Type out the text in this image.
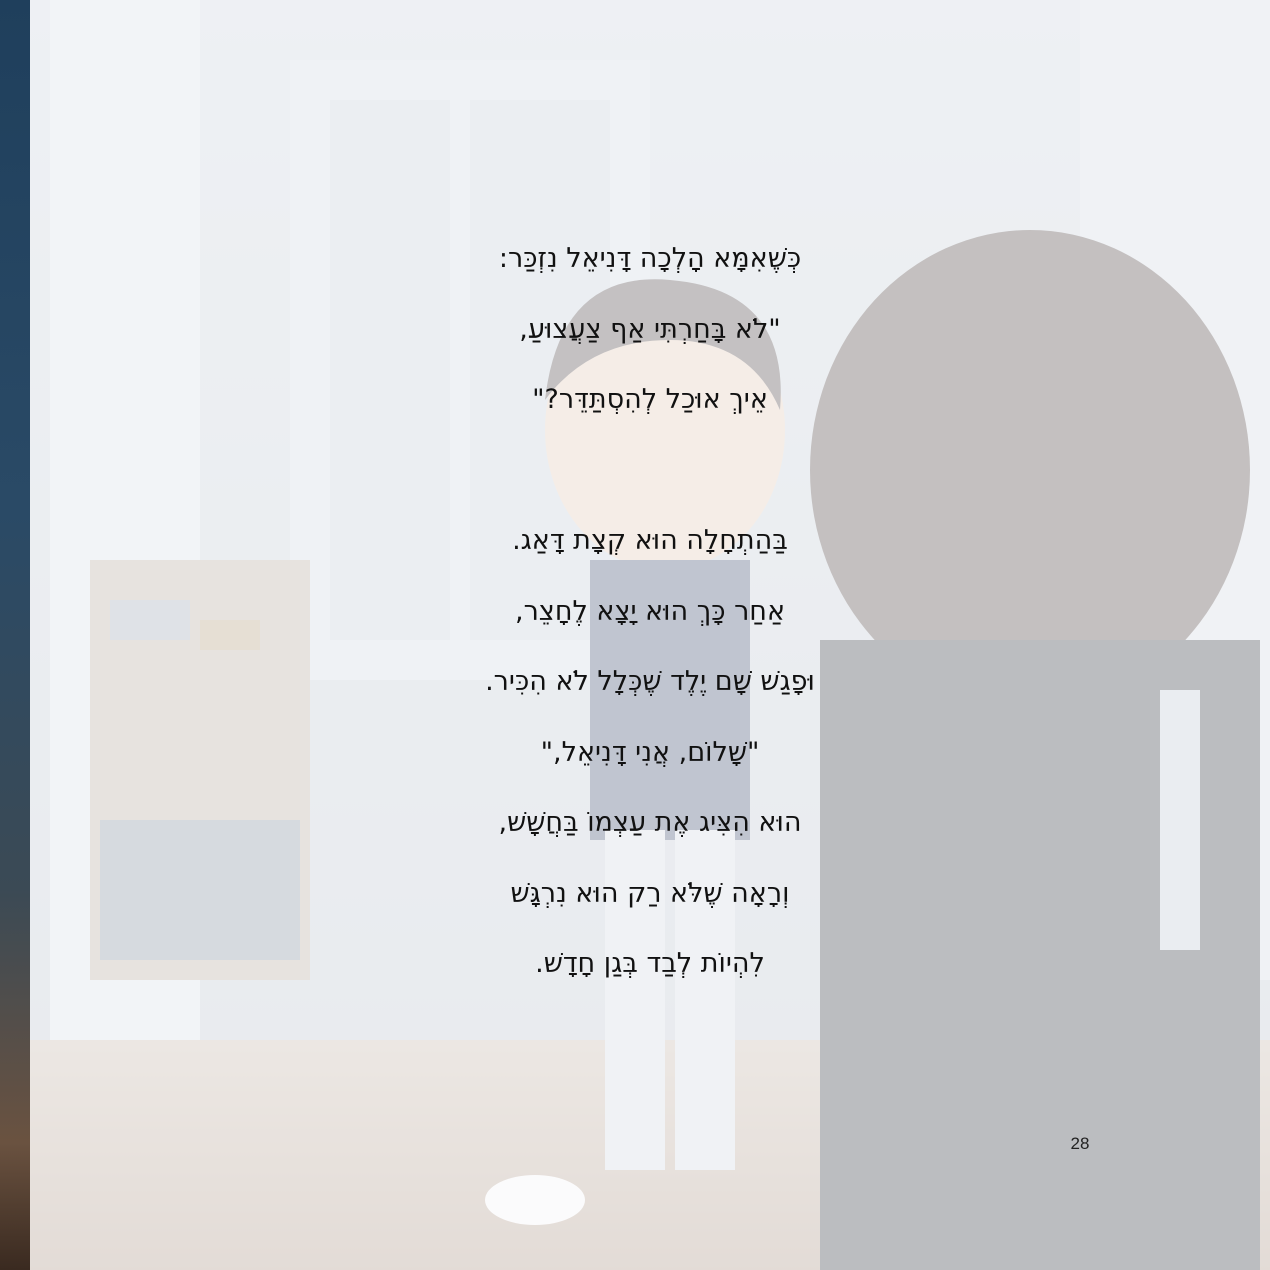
כְּשֶׁאִמָּא הָלְכָה דָּנִיאֵל נִזְכַּר:
"לֹא בָּחַרְתִּי אַף צַעֲצוּעַ,
אֵיךְ אוּכַל לְהִסְתַּדֵּר?"
בַּהַתְחָלָה הוּא קְצָת דָּאַג.
אַחַר כָּךְ הוּא יָצָא לֶחָצֵר,
וּפָגַשׁ שָׁם יֶלֶד שֶׁכְּלָל לֹא הִכִּיר.
"שָׁלוֹם, אֲנִי דָּנִיאֵל,"
הוּא הִצִּיג אֶת עַצְמוֹ בַּחֲשָׁשׁ,
וְרָאָה שֶׁלֹּא רַק הוּא נִרְגָּשׁ
לִהְיוֹת לְבַד בְּגַן חָדָשׁ.
28
